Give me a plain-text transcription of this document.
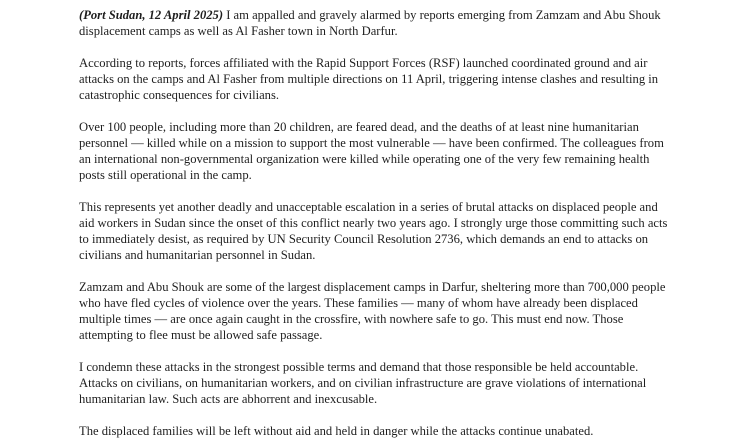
(Port Sudan, 12 April 2025) I am appalled and gravely alarmed by reports emerging from Zamzam and Abu Shouk displacement camps as well as Al Fasher town in North Darfur.

According to reports, forces affiliated with the Rapid Support Forces (RSF) launched coordinated ground and air attacks on the camps and Al Fasher from multiple directions on 11 April, triggering intense clashes and resulting in catastrophic consequences for civilians.

Over 100 people, including more than 20 children, are feared dead, and the deaths of at least nine humanitarian personnel — killed while on a mission to support the most vulnerable — have been confirmed. The colleagues from an international non-governmental organization were killed while operating one of the very few remaining health posts still operational in the camp.

This represents yet another deadly and unacceptable escalation in a series of brutal attacks on displaced people and aid workers in Sudan since the onset of this conflict nearly two years ago. I strongly urge those committing such acts to immediately desist, as required by UN Security Council Resolution 2736, which demands an end to attacks on civilians and humanitarian personnel in Sudan.

Zamzam and Abu Shouk are some of the largest displacement camps in Darfur, sheltering more than 700,000 people who have fled cycles of violence over the years. These families — many of whom have already been displaced multiple times — are once again caught in the crossfire, with nowhere safe to go. This must end now. Those attempting to flee must be allowed safe passage.

I condemn these attacks in the strongest possible terms and demand that those responsible be held accountable. Attacks on civilians, on humanitarian workers, and on civilian infrastructure are grave violations of international humanitarian law. Such acts are abhorrent and inexcusable.

The displaced families will be left without aid and held in danger while the attacks continue unabated.
